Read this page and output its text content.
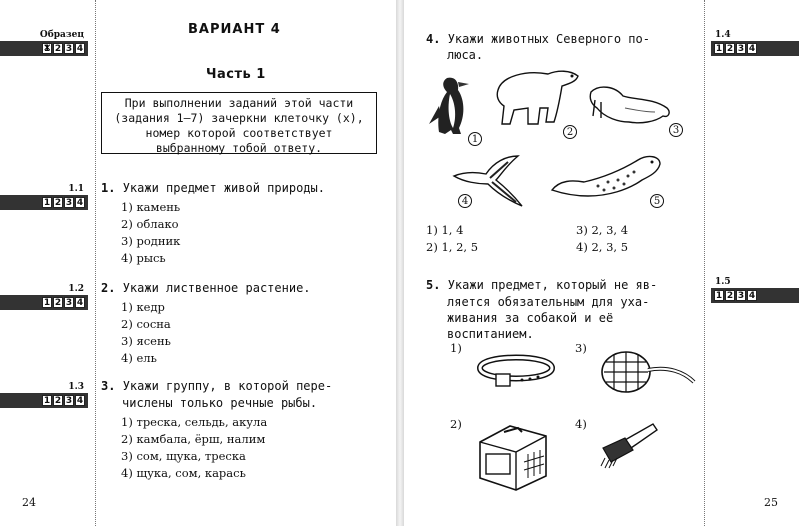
Образец
1 ✕ 2 3 4
1.1
1 2 3 4
1.2
1 2 3 4
1.3
1 2 3 4
ВАРИАНТ 4
Часть 1
При выполнении заданий этой части (задания 1–7) зачеркни клеточку (х), номер которой соответствует выбранному тобой ответу.
1. Укажи предмет живой природы.
1) камень
2) облако
3) родник
4) рысь
2. Укажи лиственное растение.
1) кедр
2) сосна
3) ясень
4) ель
3. Укажи группу, в которой пере-
числены только речные рыбы.
1) треска, сельдь, акула
2) камбала, ёрш, налим
3) сом, щука, треска
4) щука, сом, карась
24
1.4
1 2 3 4
1.5
1 2 3 4
4. Укажи животных Северного по-
люса.
1
2	3
4	5
1) 1, 4
2) 1, 2, 5
3) 2, 3, 4
4) 2, 3, 5
5. Укажи предмет, который не яв-
ляется обязательным для уха-
живания за собакой и её
воспитанием.
1)	3)
2)	4)
25
